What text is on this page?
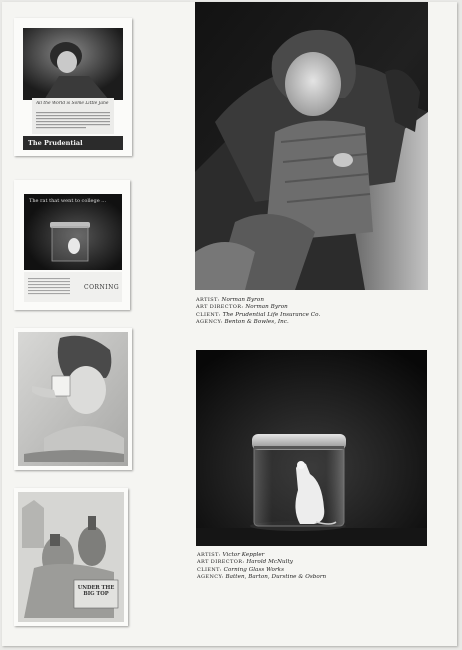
All the World is Some Little Jane
The Prudential
The rat that went to college ...
CORNING
UNDER THE BIG TOP
ARTIST: Norman Byron
ART DIRECTOR: Norman Byron
CLIENT: The Prudential Life Insurance Co.
AGENCY: Benton & Bowles, Inc.
ARTIST: Victor Keppler
ART DIRECTOR: Harold McNulty
CLIENT: Corning Glass Works
AGENCY: Batten, Barton, Durstine & Osborn
